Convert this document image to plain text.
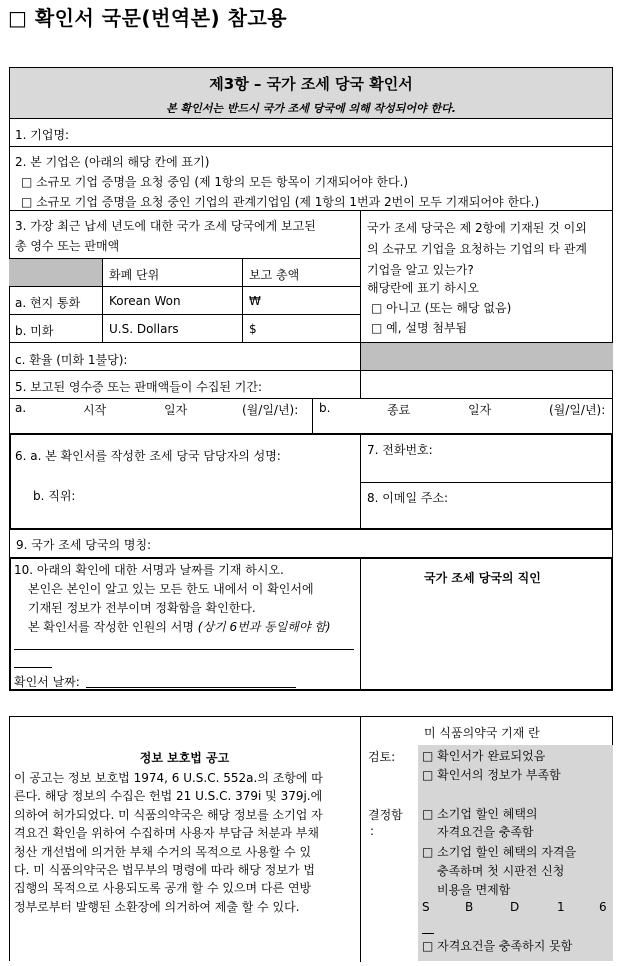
□ 확인서 국문(번역본) 참고용
제3항 – 국가 조세 당국 확인서
본 확인서는 반드시 국가 조세 당국에 의해 작성되어야 한다.
1. 기업명:
2. 본 기업은 (아래의 해당 칸에 표기)
□ 소규모 기업 증명을 요청 중임 (제 1항의 모든 항목이 기재되어야 한다.)
□ 소규모 기업 증명을 요청 중인 기업의 관계기업임 (제 1항의 1번과 2번이 모두 기재되어야 한다.)
3. 가장 최근 납세 년도에 대한 국가 조세 당국에게 보고된
총 영수 또는 판매액
화폐 단위	보고 총액
a. 현지 통화 Korean Won	₩
b. 미화	U.S. Dollars	$
국가 조세 당국은 제 2항에 기재된 것 이외
의 소규모 기업을 요청하는 기업의 타 관계
기업을 알고 있는가?
해당란에 표기 하시오
□ 아니고 (또는 해당 없음)
□ 예, 설명 첨부됨
c. 환율 (미화 1불당):
5. 보고된 영수증 또는 판매액들이 수집된 기간:
a.	시작	일자	(월/일/년): b.	종료	일자	(월/일/년):
6. a. 본 확인서를 작성한 조세 당국 담당자의 성명:
b. 직위:
7. 전화번호:
8. 이메일 주소:
9. 국가 조세 당국의 명칭:
10. 아래의 확인에 대한 서명과 날짜를 기재 하시오.
본인은 본인이 알고 있는 모든 한도 내에서 이 확인서에
기재된 정보가 전부이며 정확함을 확인한다.
본 확인서를 작성한 인원의 서명 (상기 6번과 동일해야 함)
확인서 날짜:
국가 조세 당국의 직인
정보 보호법 공고
이 공고는 정보 보호법 1974, 6 U.S.C. 552a.의 조항에 따
른다. 해당 정보의 수집은 헌법 21 U.S.C. 379i 및 379j.에
의하여 허가되었다. 미 식품의약국은 해당 정보를 소기업 자
격요건 확인을 위하여 수집하며 사용자 부담금 처분과 부채
청산 개선법에 의거한 부채 수거의 목적으로 사용할 수 있
다. 미 식품의약국은 법무부의 명령에 따라 해당 정보가 법
집행의 목적으로 사용되도록 공개 할 수 있으며 다른 연방
정부로부터 발행된 소환장에 의거하여 제출 할 수 있다.
미 식품의약국 기재 란
검토: □ 확인서가 완료되었음
□ 확인서의 정보가 부족함
결정함
:
□ 소기업 할인 혜택의
자격요건을 충족함
□ 소기업 할인 혜택의 자격을
충족하며 첫 시판전 신청
비용을 면제함
S	B	D	1	6
□ 자격요건을 충족하지 못함
